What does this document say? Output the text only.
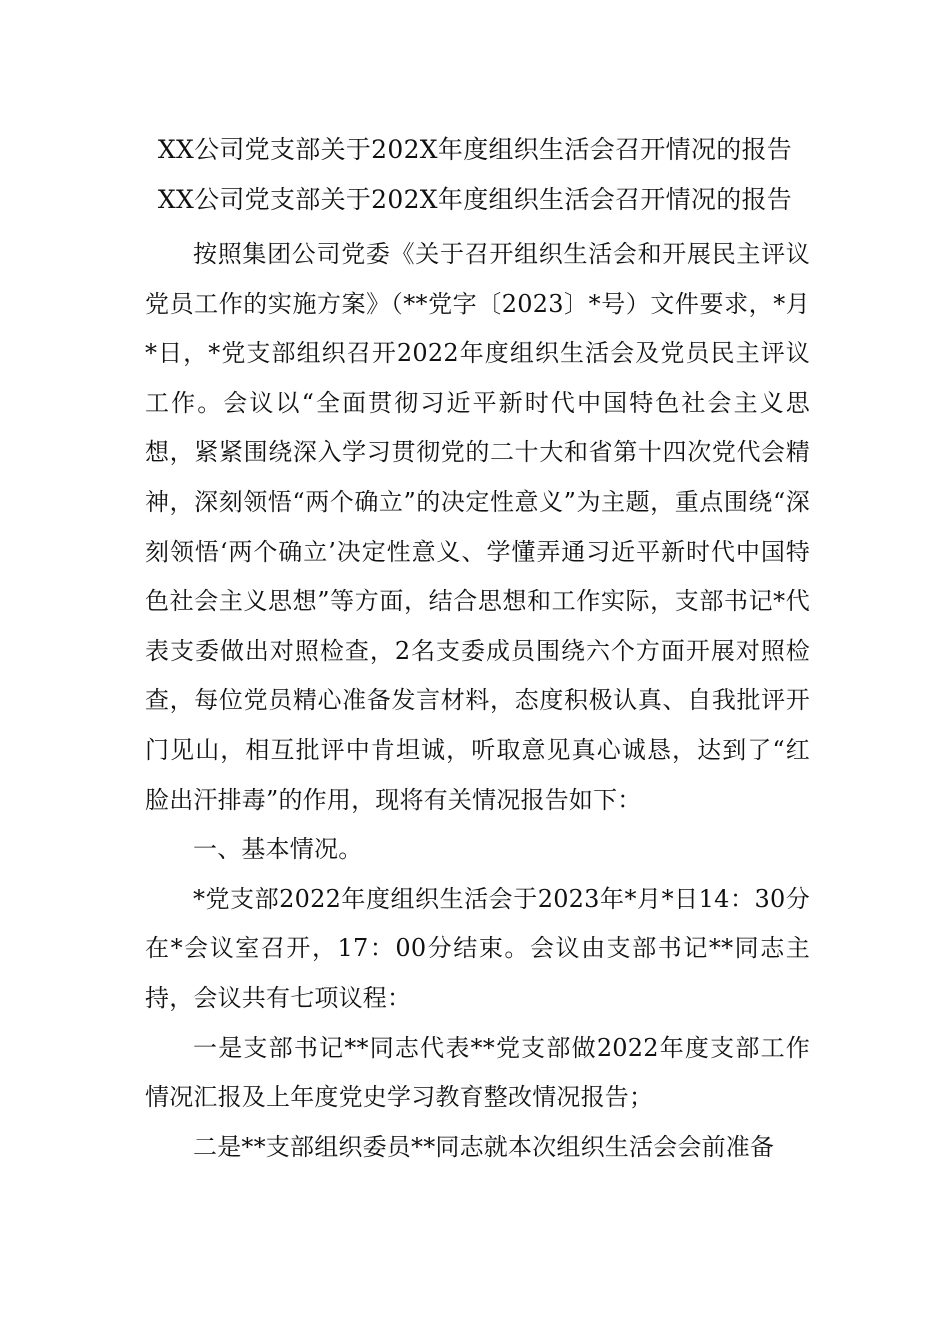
XX公司党支部关于202X年度组织生活会召开情况的报告
XX公司党支部关于202X年度组织生活会召开情况的报告

按照集团公司党委《关于召开组织生活会和开展民主评议党员工作的实施方案》（**党字〔2023〕*号）文件要求，*月*日，*党支部组织召开2022年度组织生活会及党员民主评议工作。会议以“全面贯彻习近平新时代中国特色社会主义思想，紧紧围绕深入学习贯彻党的二十大和省第十四次党代会精神，深刻领悟“两个确立”的决定性意义”为主题，重点围绕“深刻领悟‘两个确立’决定性意义、学懂弄通习近平新时代中国特色社会主义思想”等方面，结合思想和工作实际，支部书记*代表支委做出对照检查，2名支委成员围绕六个方面开展对照检查，每位党员精心准备发言材料，态度积极认真、自我批评开门见山，相互批评中肯坦诚，听取意见真心诚恳，达到了“红脸出汗排毒”的作用，现将有关情况报告如下：

一、基本情况。

*党支部2022年度组织生活会于2023年*月*日14：30分在*会议室召开，17：00分结束。会议由支部书记**同志主持，会议共有七项议程：

一是支部书记**同志代表**党支部做2022年度支部工作情况汇报及上年度党史学习教育整改情况报告；

二是**支部组织委员**同志就本次组织生活会会前准备
